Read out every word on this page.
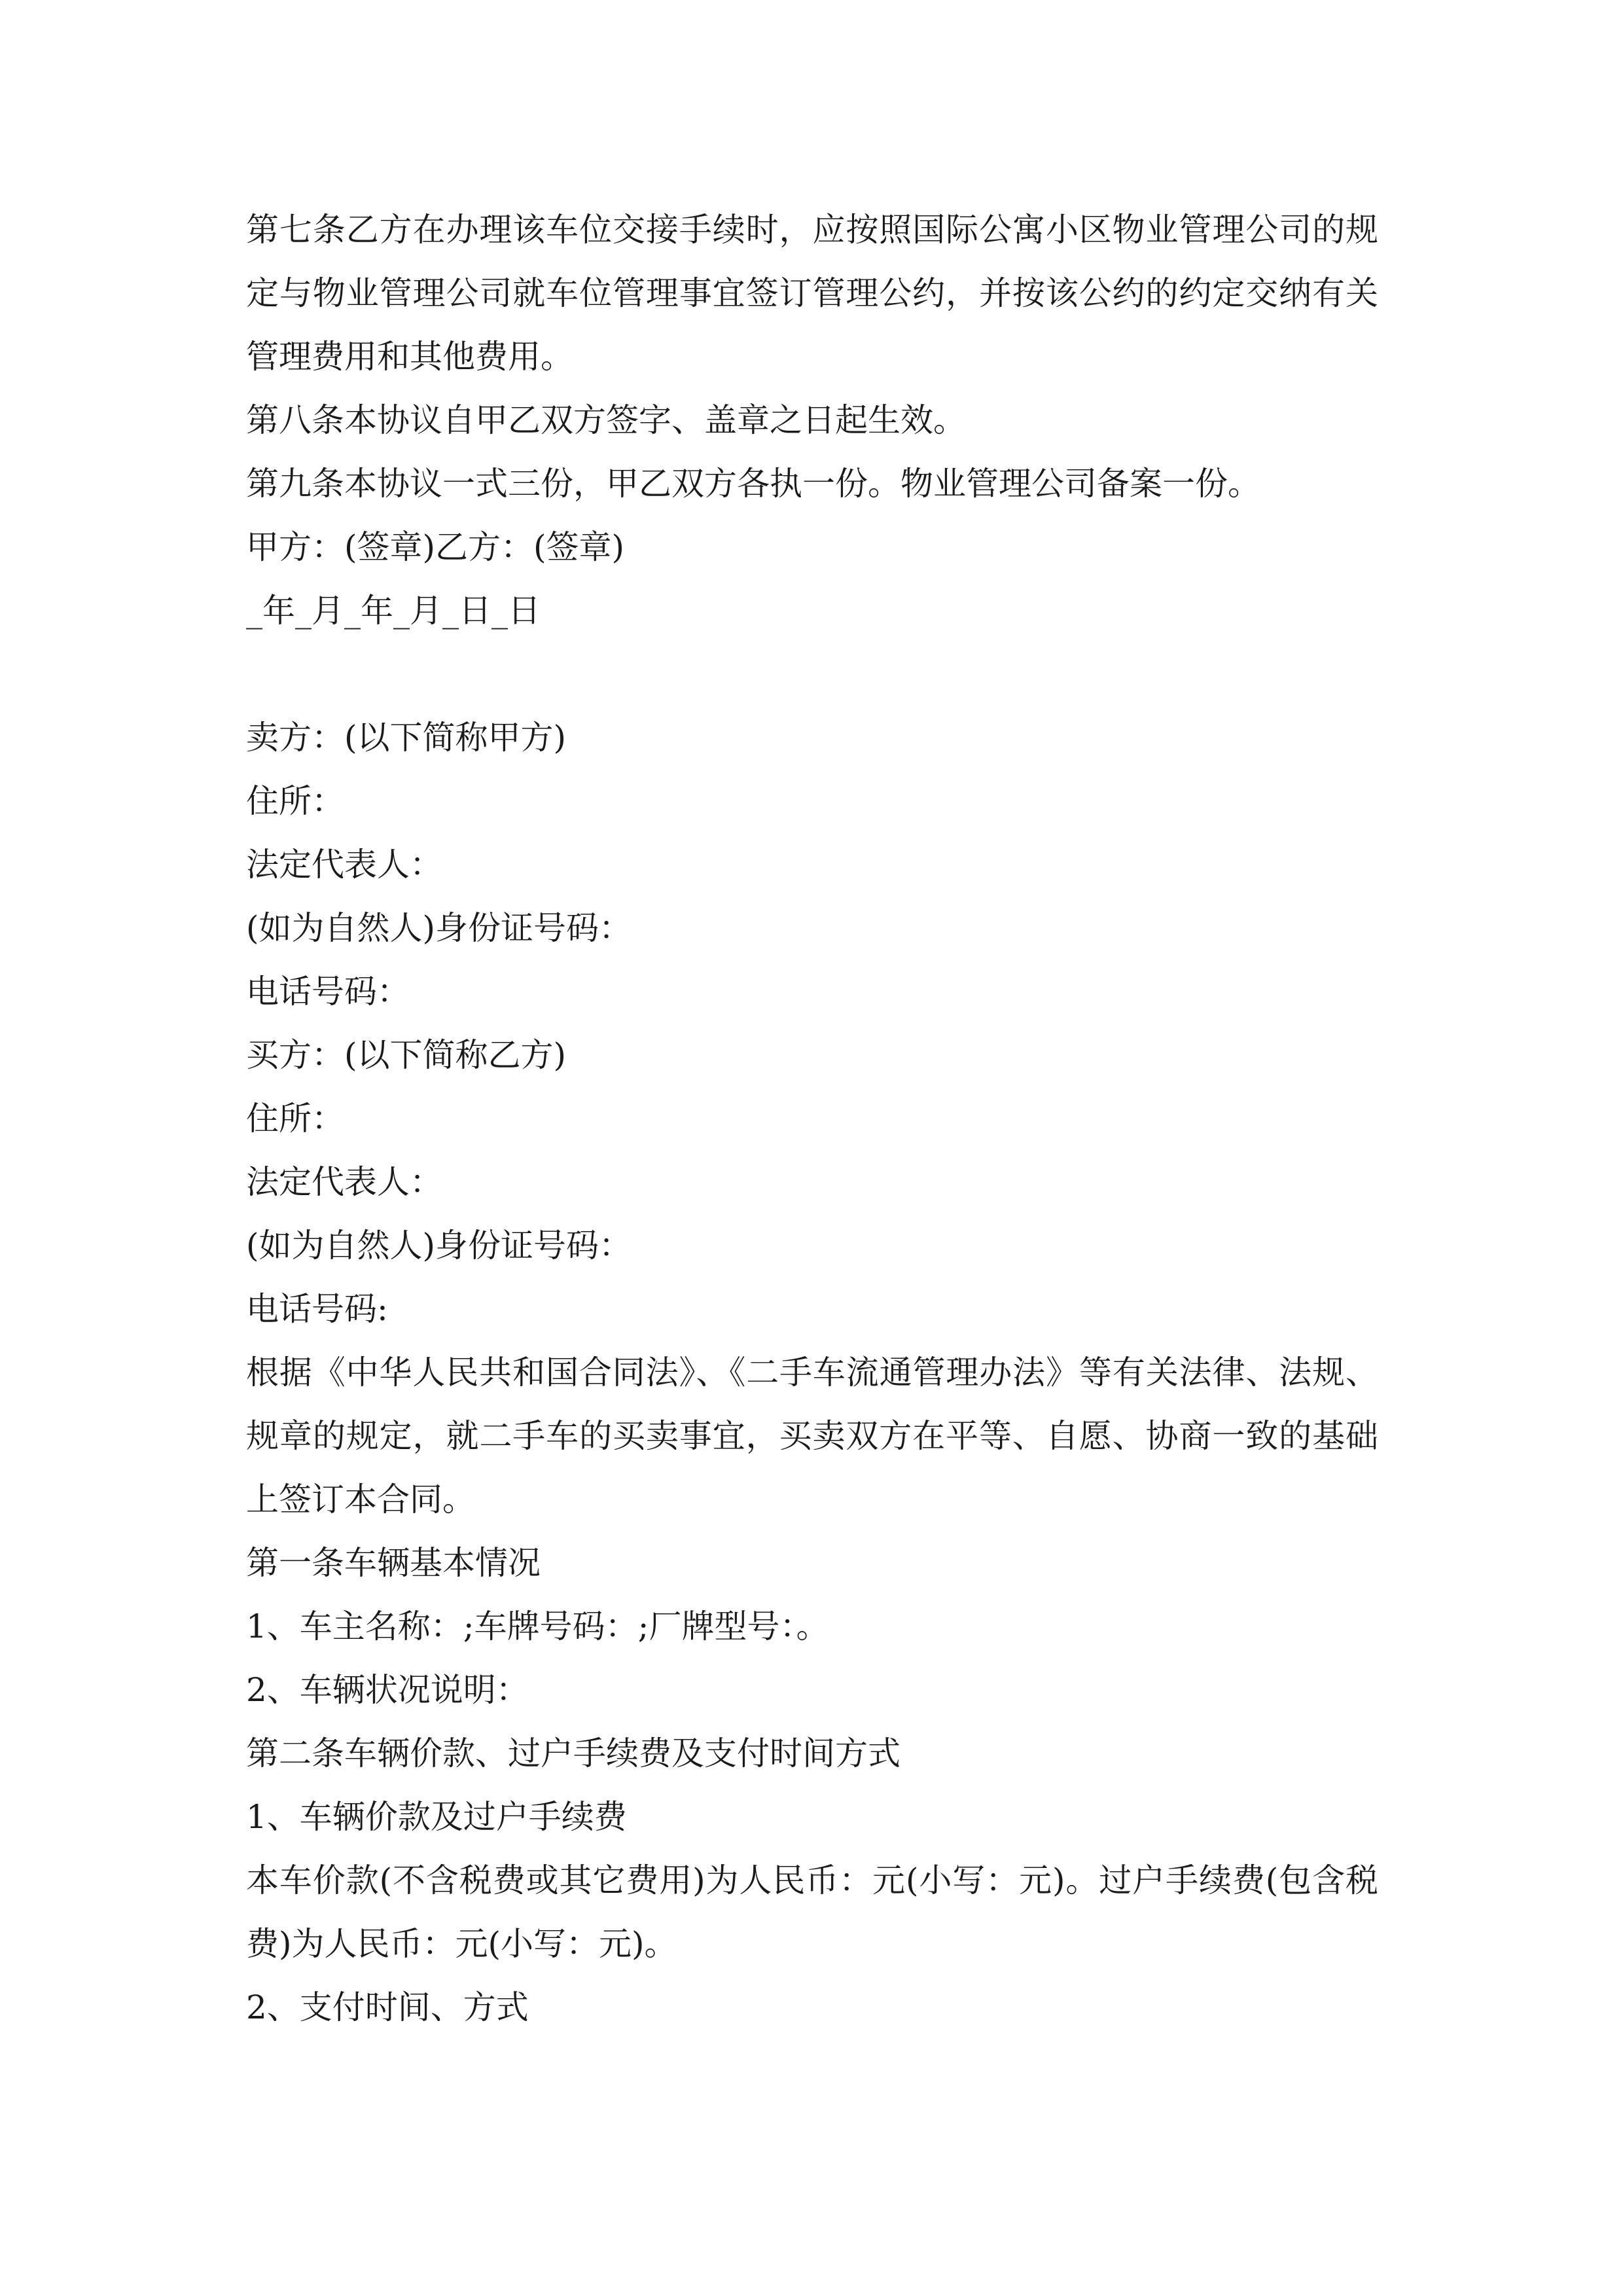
第七条乙方在办理该车位交接手续时，应按照国际公寓小区物业管理公司的规定与物业管理公司就车位管理事宜签订管理公约，并按该公约的约定交纳有关管理费用和其他费用。

第八条本协议自甲乙双方签字、盖章之日起生效。

第九条本协议一式三份，甲乙双方各执一份。物业管理公司备案一份。

甲方：(签章)乙方：(签章)

_年_月_年_月_日_日

卖方：(以下简称甲方)

住所：

法定代表人：

(如为自然人)身份证号码：

电话号码：

买方：(以下简称乙方)

住所：

法定代表人：

(如为自然人)身份证号码：

电话号码:

根据《中华人民共和国合同法》、《二手车流通管理办法》等有关法律、法规、规章的规定，就二手车的买卖事宜，买卖双方在平等、自愿、协商一致的基础上签订本合同。

第一条车辆基本情况

1、车主名称：;车牌号码：;厂牌型号：。

2、车辆状况说明：

第二条车辆价款、过户手续费及支付时间方式

1、车辆价款及过户手续费

本车价款(不含税费或其它费用)为人民币：元(小写：元)。过户手续费(包含税费)为人民币：元(小写：元)。

2、支付时间、方式
